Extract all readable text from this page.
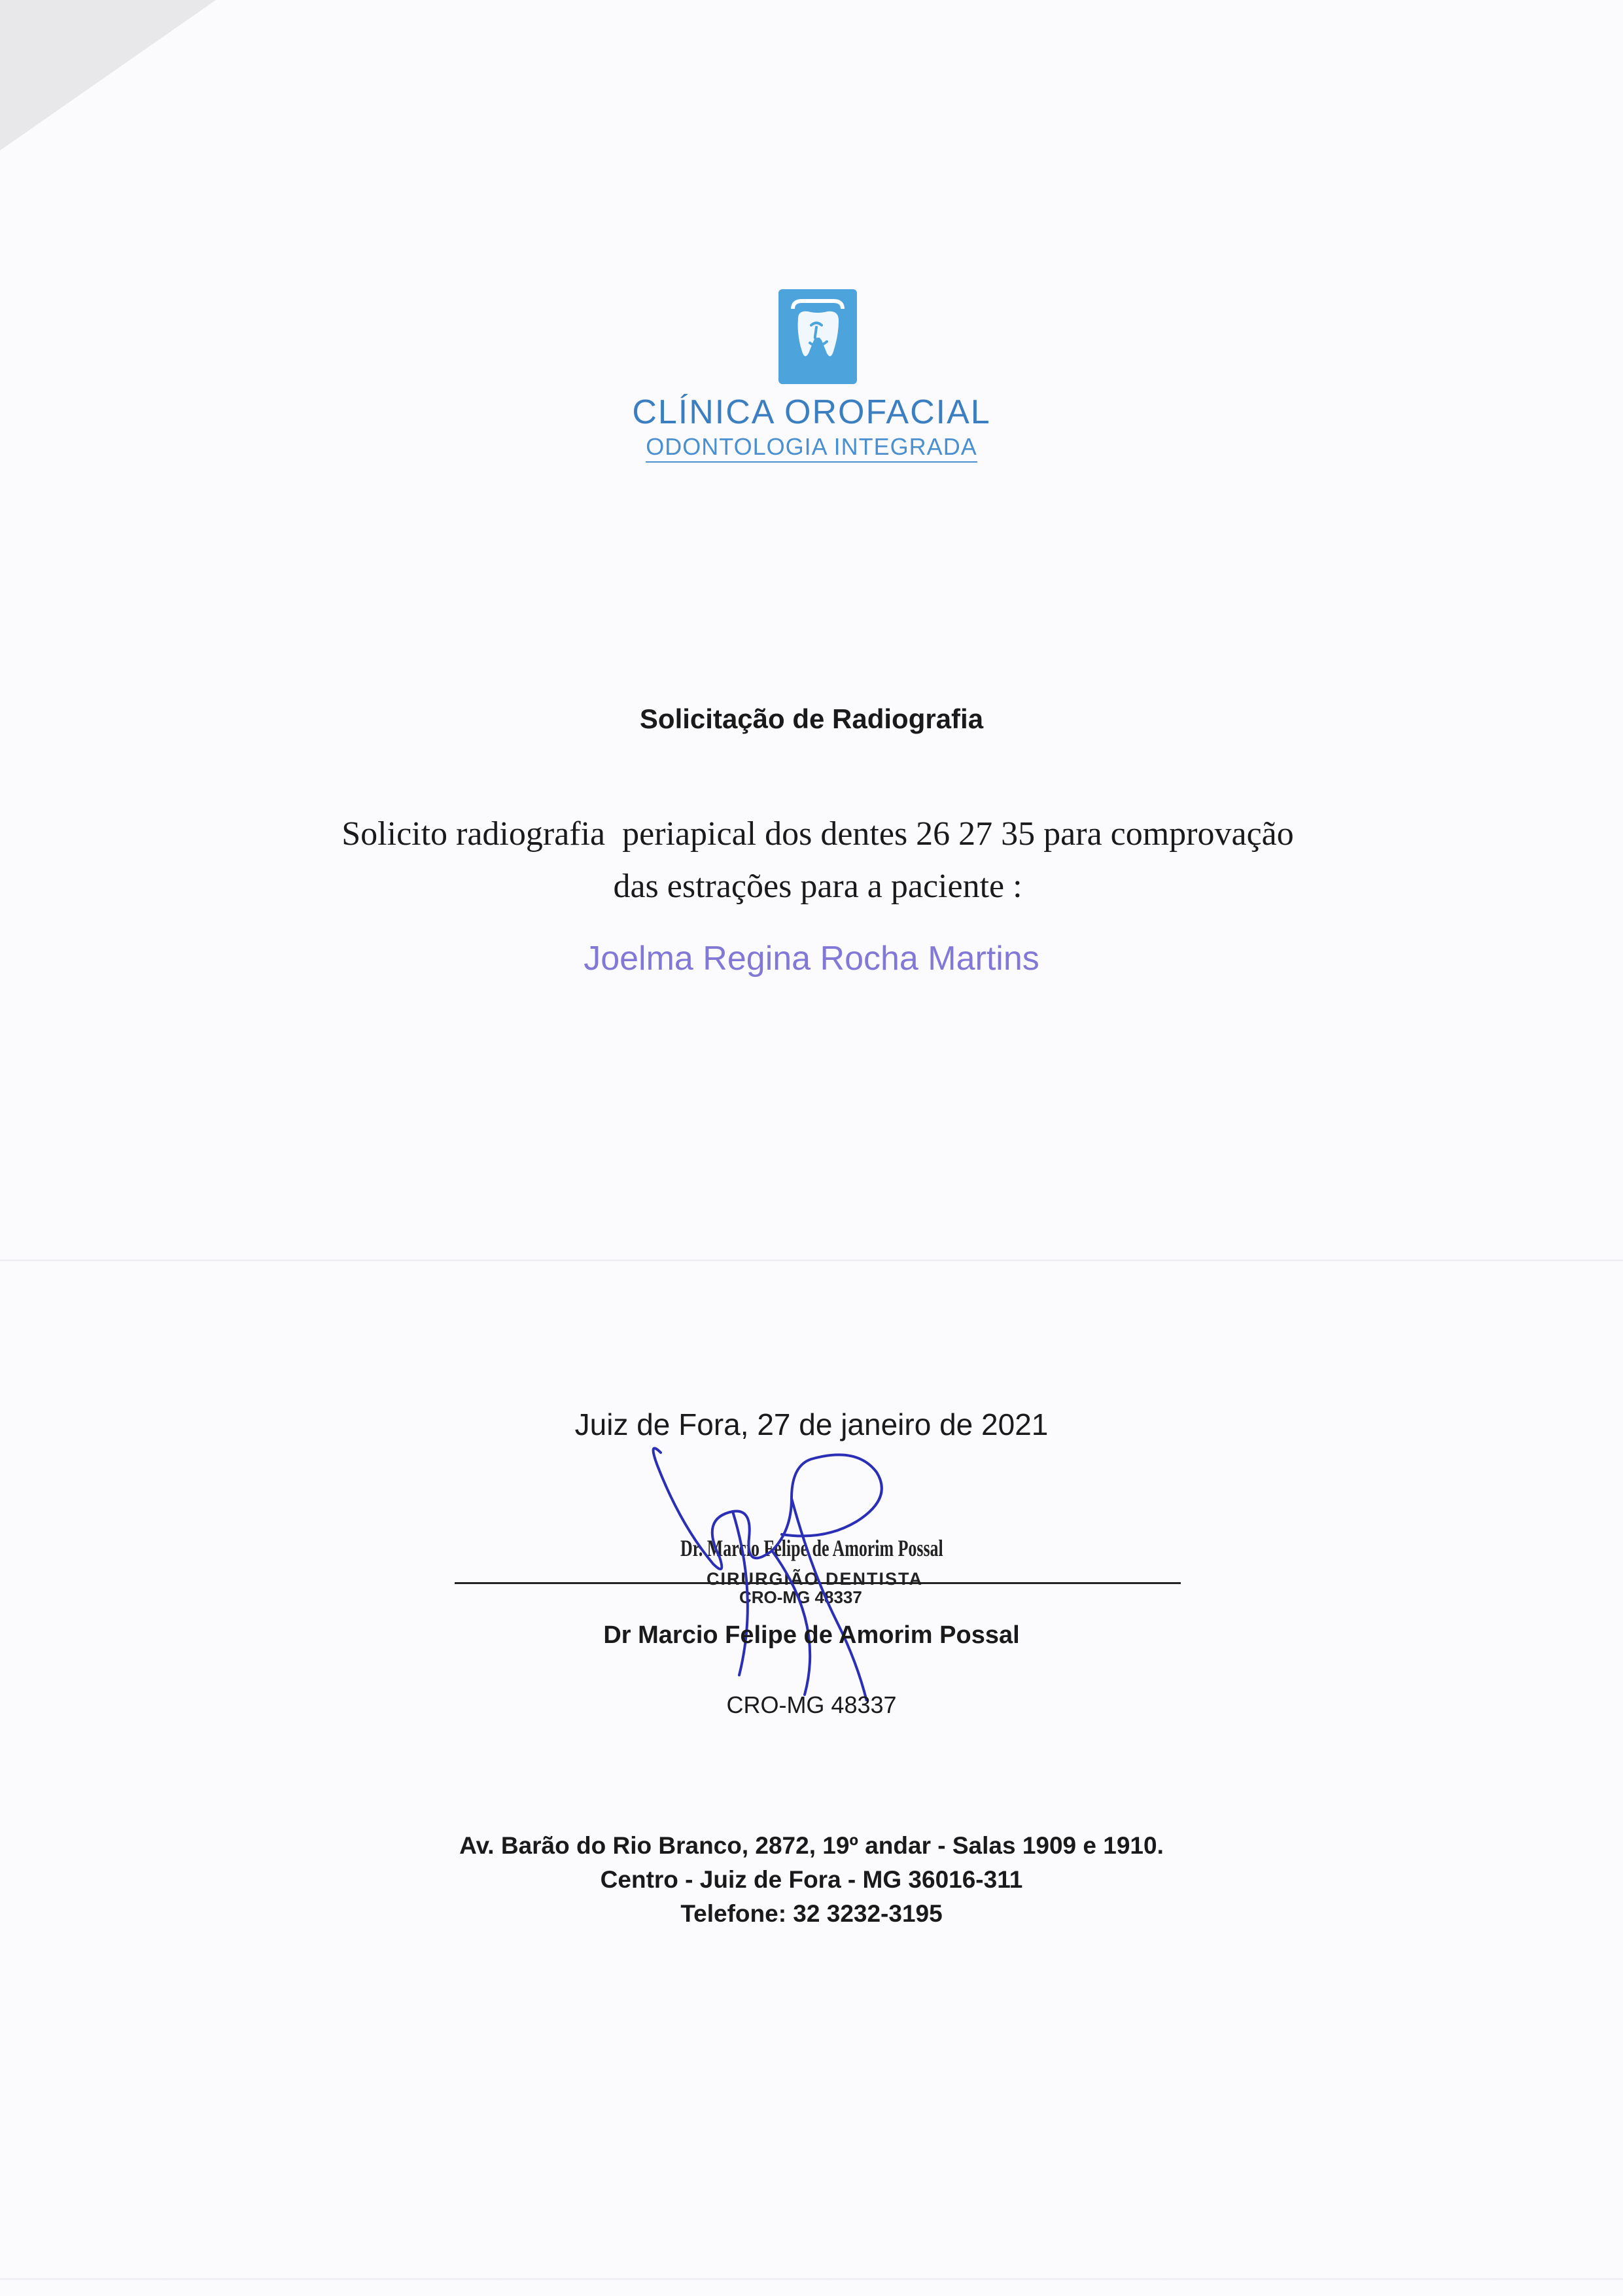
CLÍNICA OROFACIAL
ODONTOLOGIA INTEGRADA
Solicitação de Radiografia
Solicito radiografia  periapical dos dentes 26 27 35 para comprovação
das estrações para a paciente :
Joelma Regina Rocha Martins
Juiz de Fora, 27 de janeiro de 2021
Dr. Marcio Felipe de Amorim Possal
CIRURGIÃO DENTISTA
CRO-MG 48337
Dr Marcio Felipe de Amorim Possal
CRO-MG 48337
Av. Barão do Rio Branco, 2872, 19º andar - Salas 1909 e 1910.
Centro - Juiz de Fora - MG 36016-311
Telefone: 32 3232-3195
